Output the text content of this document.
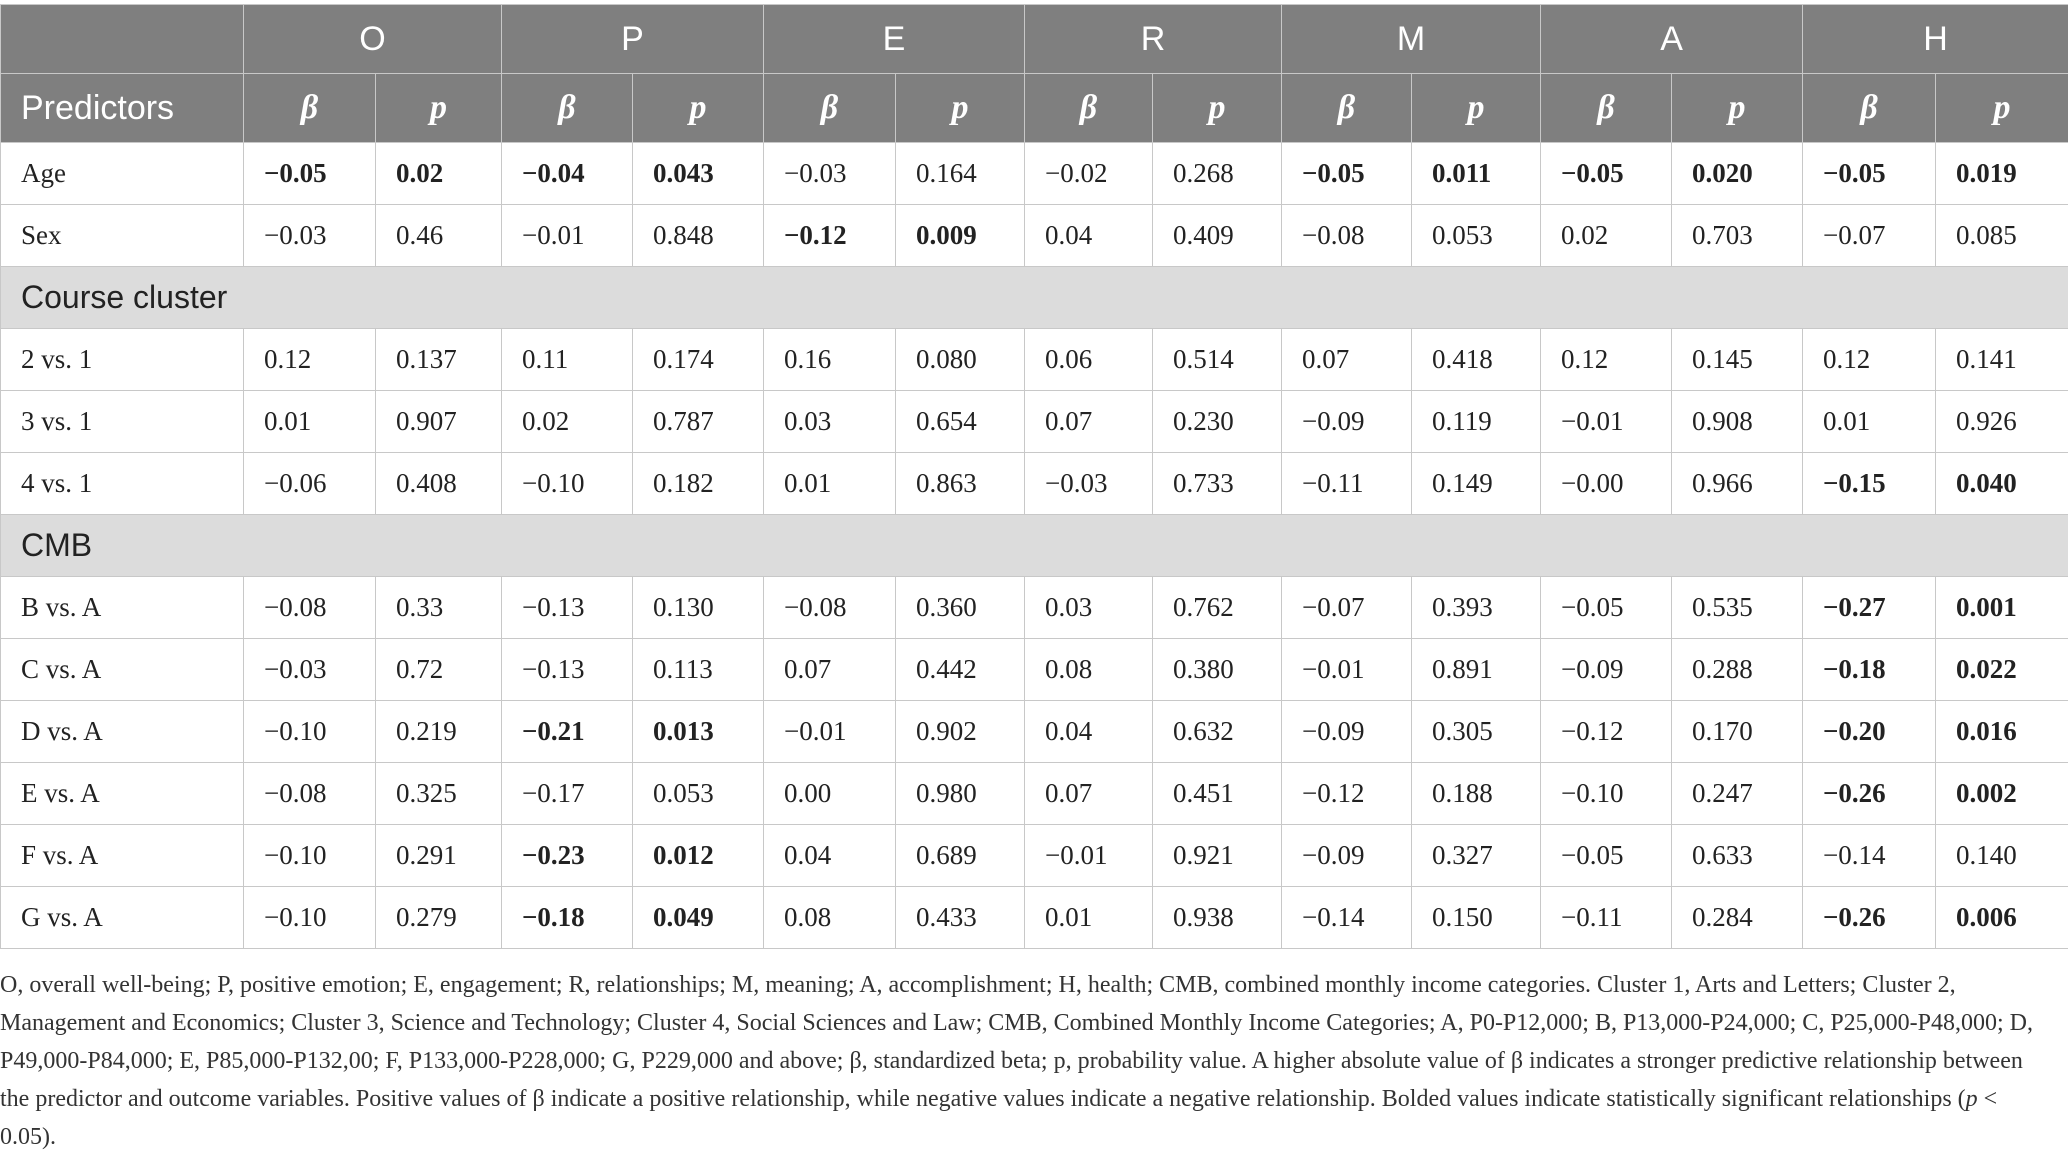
	O		P		E		R		M		A		H	
Predictors	β	p	β	p	β	p	β	p	β	p	β	p	β	p
Age	−0.05	0.02	−0.04	0.043	−0.03	0.164	−0.02	0.268	−0.05	0.011	−0.05	0.020	−0.05	0.019
Sex	−0.03	0.46	−0.01	0.848	−0.12	0.009	0.04	0.409	−0.08	0.053	0.02	0.703	−0.07	0.085
Course cluster														
2 vs. 1	0.12	0.137	0.11	0.174	0.16	0.080	0.06	0.514	0.07	0.418	0.12	0.145	0.12	0.141
3 vs. 1	0.01	0.907	0.02	0.787	0.03	0.654	0.07	0.230	−0.09	0.119	−0.01	0.908	0.01	0.926
4 vs. 1	−0.06	0.408	−0.10	0.182	0.01	0.863	−0.03	0.733	−0.11	0.149	−0.00	0.966	−0.15	0.040
CMB														
B vs. A	−0.08	0.33	−0.13	0.130	−0.08	0.360	0.03	0.762	−0.07	0.393	−0.05	0.535	−0.27	0.001
C vs. A	−0.03	0.72	−0.13	0.113	0.07	0.442	0.08	0.380	−0.01	0.891	−0.09	0.288	−0.18	0.022
D vs. A	−0.10	0.219	−0.21	0.013	−0.01	0.902	0.04	0.632	−0.09	0.305	−0.12	0.170	−0.20	0.016
E vs. A	−0.08	0.325	−0.17	0.053	0.00	0.980	0.07	0.451	−0.12	0.188	−0.10	0.247	−0.26	0.002
F vs. A	−0.10	0.291	−0.23	0.012	0.04	0.689	−0.01	0.921	−0.09	0.327	−0.05	0.633	−0.14	0.140
G vs. A	−0.10	0.279	−0.18	0.049	0.08	0.433	0.01	0.938	−0.14	0.150	−0.11	0.284	−0.26	0.006
O, overall well-being; P, positive emotion; E, engagement; R, relationships; M, meaning; A, accomplishment; H, health; CMB, combined monthly income categories. Cluster 1, Arts and Letters; Cluster 2, Management and Economics; Cluster 3, Science and Technology; Cluster 4, Social Sciences and Law; CMB, Combined Monthly Income Categories; A, P0-P12,000; B, P13,000-P24,000; C, P25,000-P48,000; D, P49,000-P84,000; E, P85,000-P132,00; F, P133,000-P228,000; G, P229,000 and above; β, standardized beta; p, probability value. A higher absolute value of β indicates a stronger predictive relationship between the predictor and outcome variables. Positive values of β indicate a positive relationship, while negative values indicate a negative relationship. Bolded values indicate statistically significant relationships (p < 0.05).
